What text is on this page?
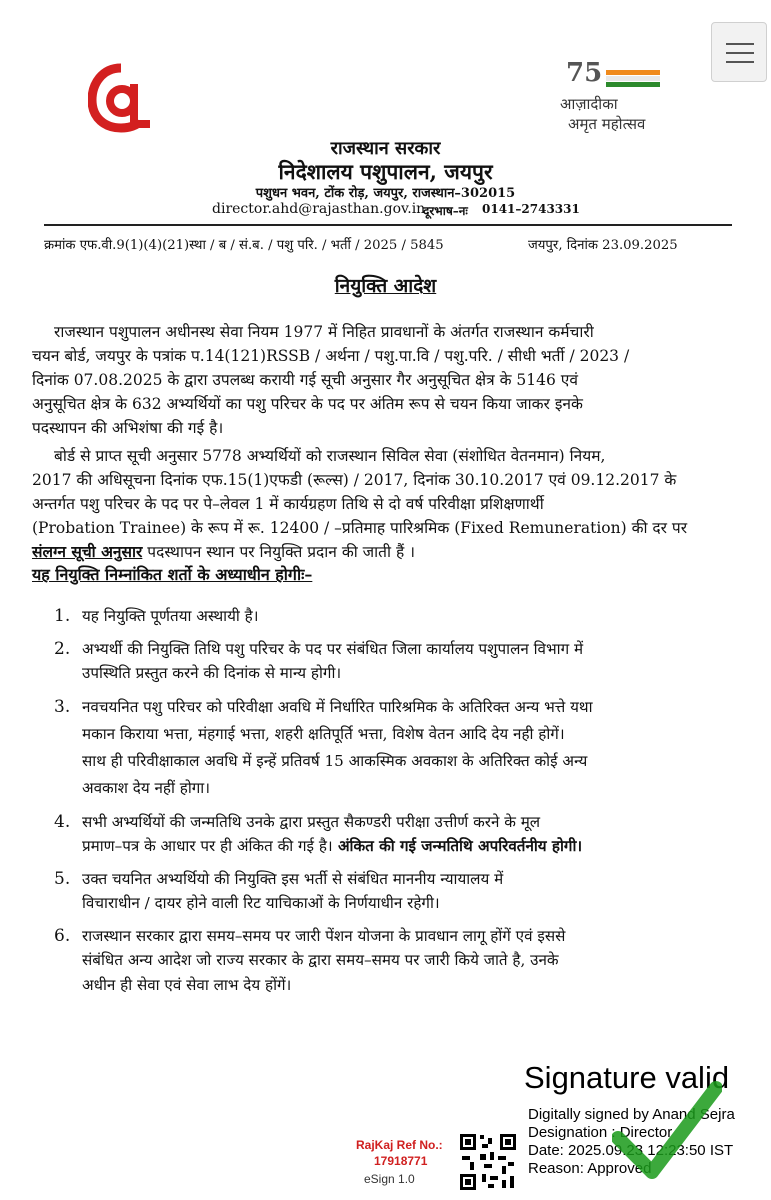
75
आज़ादीका
अमृत महोत्सव
राजस्थान सरकार
निदेशालय पशुपालन, जयपुर
पशुधन भवन, टोंक रोड़, जयपुर, राजस्थान–302015
director.ahd@rajasthan.gov.in
दूरभाष–नः 0141–2743331
क्रमांक एफ.वी.9(1)(4)(21)स्था / ब / सं.ब. / पशु परि. / भर्ती / 2025 / 5845	जयपुर, दिनांक 23.09.2025
नियुक्ति आदेश
राजस्थान पशुपालन अधीनस्थ सेवा नियम 1977 में निहित प्रावधानों के अंतर्गत राजस्थान कर्मचारी
चयन बोर्ड, जयपुर के पत्रांक प.14(121)RSSB / अर्थना / पशु.पा.वि / पशु.परि. / सीधी भर्ती / 2023 /
दिनांक 07.08.2025 के द्वारा उपलब्ध करायी गई सूची अनुसार गैर अनुसूचित क्षेत्र के 5146 एवं
अनुसूचित क्षेत्र के 632 अभ्यर्थियों का पशु परिचर के पद पर अंतिम रूप से चयन किया जाकर इनके
पदस्थापन की अभिशंषा की गई है।
बोर्ड से प्राप्त सूची अनुसार 5778 अभ्यर्थियों को राजस्थान सिविल सेवा (संशोधित वेतनमान) नियम,
2017 की अधिसूचना दिनांक एफ.15(1)एफडी (रूल्स) / 2017, दिनांक 30.10.2017 एवं 09.12.2017 के
अन्तर्गत पशु परिचर के पद पर पे–लेवल 1 में कार्यग्रहण तिथि से दो वर्ष परिवीक्षा प्रशिक्षणार्थी
(Probation Trainee) के रूप में रू. 12400 / –प्रतिमाह पारिश्रमिक (Fixed Remuneration) की दर पर
संलग्न सूची अनुसार पदस्थापन स्थान पर नियुक्ति प्रदान की जाती हैं ।
यह नियुक्ति निम्नांकित शर्तो के अध्याधीन होगीः–
1. यह नियुक्ति पूर्णतया अस्थायी है।
2. अभ्यर्थी की नियुक्ति तिथि पशु परिचर के पद पर संबंधित जिला कार्यालय पशुपालन विभाग में
उपस्थिति प्रस्तुत करने की दिनांक से मान्य होगी।
3. नवचयनित पशु परिचर को परिवीक्षा अवधि में निर्धारित पारिश्रमिक के अतिरिक्त अन्य भत्ते यथा
मकान किराया भत्ता, मंहगाई भत्ता, शहरी क्षतिपूर्ति भत्ता, विशेष वेतन आदि देय नही होगें।
साथ ही परिवीक्षाकाल अवधि में इन्हें प्रतिवर्ष 15 आकस्मिक अवकाश के अतिरिक्त कोई अन्य
अवकाश देय नहीं होगा।
4. सभी अभ्यर्थियों की जन्मतिथि उनके द्वारा प्रस्तुत सैकण्डरी परीक्षा उत्तीर्ण करने के मूल
प्रमाण–पत्र के आधार पर ही अंकित की गई है। अंकित की गई जन्मतिथि अपरिवर्तनीय होगी।
5. उक्त चयनित अभ्यर्थियो की नियुक्ति इस भर्ती से संबंधित माननीय न्यायालय में
विचाराधीन / दायर होने वाली रिट याचिकाओं के निर्णयाधीन रहेगी।
6. राजस्थान सरकार द्वारा समय–समय पर जारी पेंशन योजना के प्रावधान लागू होंगें एवं इससे
संबंधित अन्य आदेश जो राज्य सरकार के द्वारा समय–समय पर जारी किये जाते है, उनके
अधीन ही सेवा एवं सेवा लाभ देय होंगें।
RajKaj Ref No.:
17918771
eSign 1.0
Signature valid
Digitally signed by Anand Sejra
Designation : Director
Date: 2025.09.23 12:23:50 IST
Reason: Approved
